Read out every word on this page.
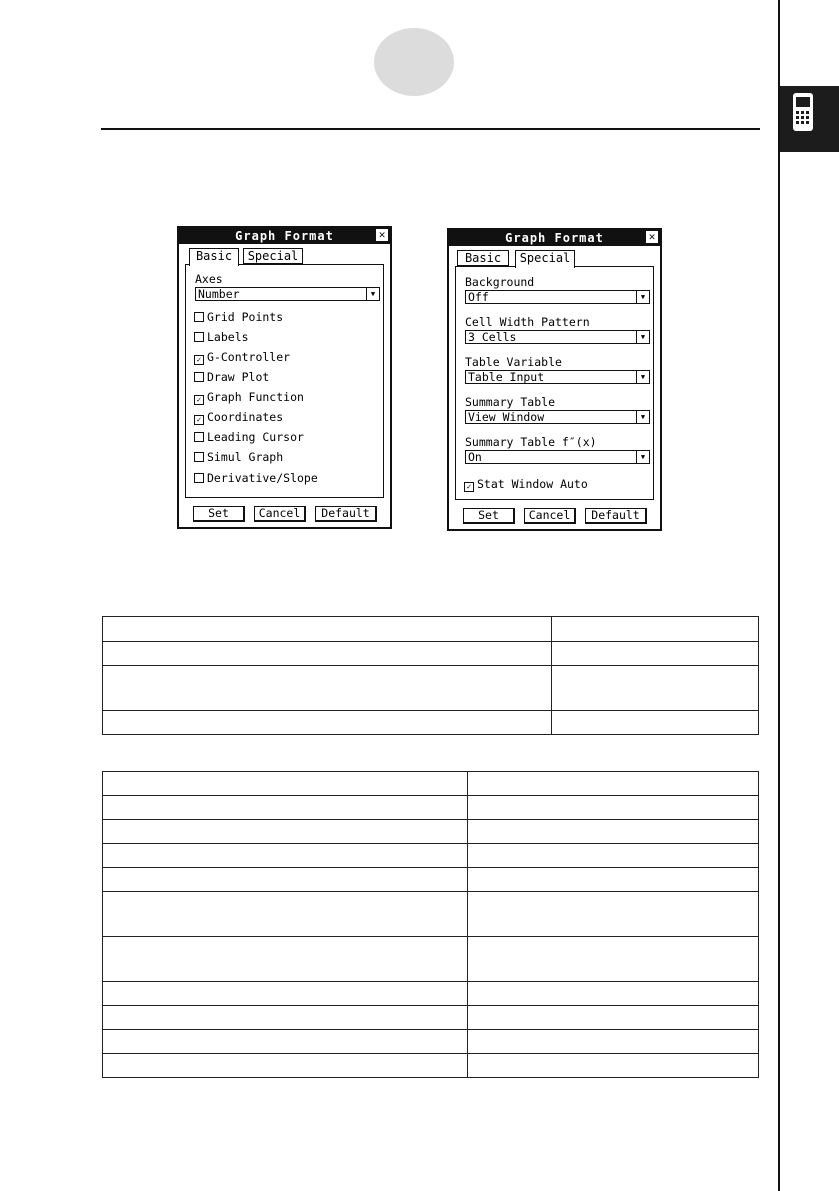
Graph Format	✕
Basic	Special
Axes
Number	▼
Grid Points
Labels
✓ G-Controller
Draw Plot
✓ Graph Function
✓ Coordinates
Leading Cursor
Simul Graph
Derivative/Slope
Set	Cancel	Default
Graph Format	✕
Basic	Special
Background
Off	▼
Cell Width Pattern
3 Cells	▼
Table Variable
Table Input	▼
Summary Table
View Window	▼
Summary Table f″(x)
On	▼
✓ Stat Window Auto
Set	Cancel	Default
